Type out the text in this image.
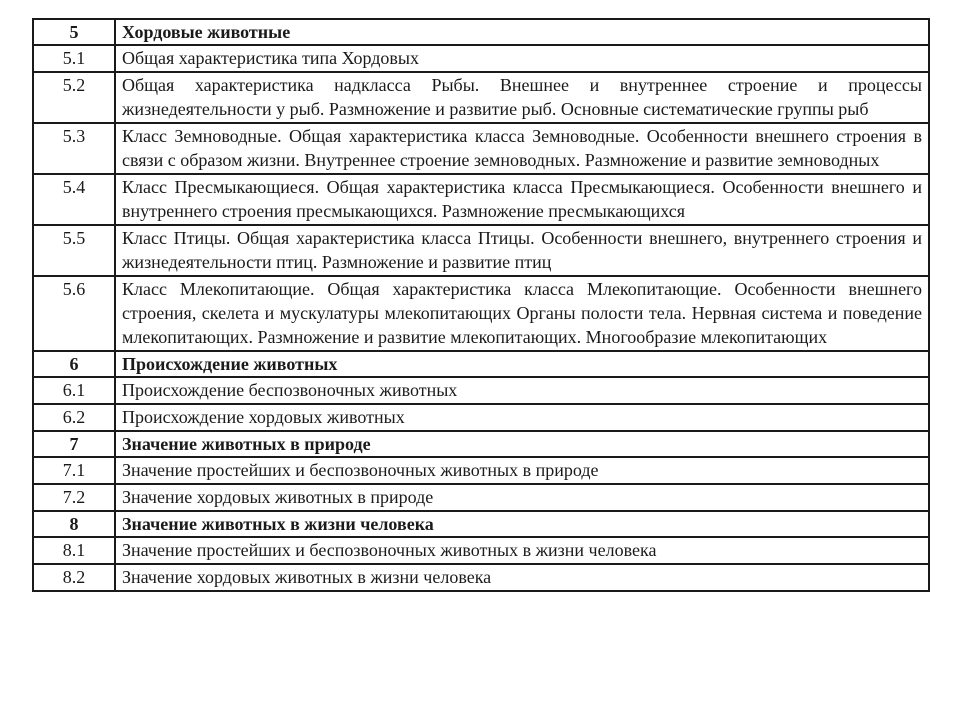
5	Хордовые животные
5.1	Общая характеристика типа Хордовых
5.2	Общая характеристика надкласса Рыбы. Внешнее и внутреннее строение и процессы жизнедеятельности у рыб. Размножение и развитие рыб. Основные систематические группы рыб
5.3	Класс Земноводные. Общая характеристика класса Земноводные. Особенности внешнего строения в связи с образом жизни. Внутреннее строение земноводных. Размножение и развитие земноводных
5.4	Класс Пресмыкающиеся. Общая характеристика класса Пресмыкающиеся. Особенности внешнего и внутреннего строения пресмыкающихся. Размножение пресмыкающихся
5.5	Класс Птицы. Общая характеристика класса Птицы. Особенности внешнего, внутреннего строения и жизнедеятельности птиц. Размножение и развитие птиц
5.6	Класс Млекопитающие. Общая характеристика класса Млекопитающие. Особенности внешнего строения, скелета и мускулатуры млекопитающих Органы полости тела. Нервная система и поведение млекопитающих. Размножение и развитие млекопитающих. Многообразие млекопитающих
6	Происхождение животных
6.1	Происхождение беспозвоночных животных
6.2	Происхождение хордовых животных
7	Значение животных в природе
7.1	Значение простейших и беспозвоночных животных в природе
7.2	Значение хордовых животных в природе
8	Значение животных в жизни человека
8.1	Значение простейших и беспозвоночных животных в жизни человека
8.2	Значение хордовых животных в жизни человека
